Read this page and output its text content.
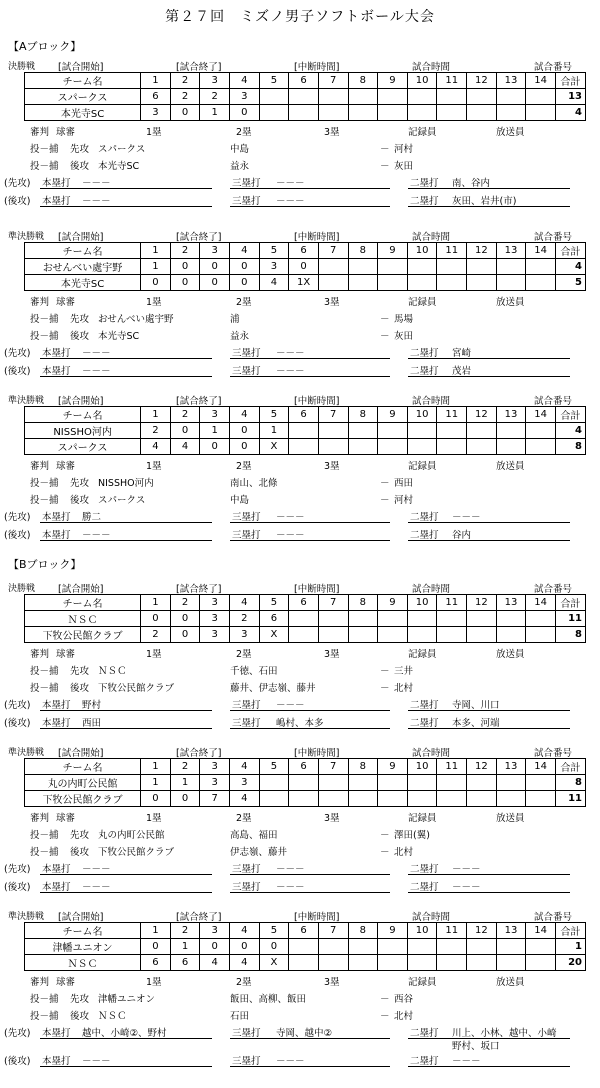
第２７回　ミズノ男子ソフトボール大会
【Aブロック】
決勝戦 [試合開始]	[試合終了]	[中断時間]	試合時間	試合番号
チーム名	1	2	3	4	5	6	7	8	9	10	11	12	13	14	合計
スパークス	6	2	2	3											13
本光寺SC	3	0	1	0											4
審判 球審	1塁	2塁	3塁	記録員	放送員
投－捕 先攻 スパークス	中島	－ 河村
投－捕 後攻 本光寺SC	益永	－ 灰田
(先攻) 本塁打 －－－	三塁打 －－－	二塁打 南、谷内
(後攻) 本塁打 －－－	三塁打 －－－	二塁打 灰田、岩井(市)
準決勝戦 [試合開始]	[試合終了]	[中断時間]	試合時間	試合番号
チーム名	1	2	3	4	5	6	7	8	9	10	11	12	13	14	合計
おせんべい處宇野	1	0	0	0	3	0									4
本光寺SC	0	0	0	0	4	1X									5
審判 球審	1塁	2塁	3塁	記録員	放送員
投－捕 先攻 おせんべい處宇野	浦	－ 馬場
投－捕 後攻 本光寺SC	益永	－ 灰田
(先攻) 本塁打 －－－	三塁打 －－－	二塁打 宮崎
(後攻) 本塁打 －－－	三塁打 －－－	二塁打 茂岩
準決勝戦 [試合開始]	[試合終了]	[中断時間]	試合時間	試合番号
チーム名	1	2	3	4	5	6	7	8	9	10	11	12	13	14	合計
NISSHO河内	2	0	1	0	1										4
スパークス	4	4	0	0	X										8
審判 球審	1塁	2塁	3塁	記録員	放送員
投－捕 先攻 NISSHO河内	南山、北條	－ 西田
投－捕 後攻 スパークス	中島	－ 河村
(先攻) 本塁打 勝二	三塁打 －－－	二塁打 －－－
(後攻) 本塁打 －－－	三塁打 －－－	二塁打 谷内
【Bブロック】
決勝戦 [試合開始]	[試合終了]	[中断時間]	試合時間	試合番号
チーム名	1	2	3	4	5	6	7	8	9	10	11	12	13	14	合計
ＮＳＣ	0	0	3	2	6										11
下牧公民館クラブ	2	0	3	3	X										8
審判 球審	1塁	2塁	3塁	記録員	放送員
投－捕 先攻 ＮＳＣ	千徳、石田	－ 三井
投－捕 後攻 下牧公民館クラブ	藤井、伊志嶺、藤井	－ 北村
(先攻) 本塁打 野村	三塁打 －－－	二塁打 寺岡、川口
(後攻) 本塁打 西田	三塁打 嶋村、本多	二塁打 本多、河端
準決勝戦 [試合開始]	[試合終了]	[中断時間]	試合時間	試合番号
チーム名	1	2	3	4	5	6	7	8	9	10	11	12	13	14	合計
丸の内町公民館	1	1	3	3											8
下牧公民館クラブ	0	0	7	4											11
審判 球審	1塁	2塁	3塁	記録員	放送員
投－捕 先攻 丸の内町公民館	高島、福田	－ 澤田(翼)
投－捕 後攻 下牧公民館クラブ	伊志嶺、藤井	－ 北村
(先攻) 本塁打 －－－	三塁打 －－－	二塁打 －－－
(後攻) 本塁打 －－－	三塁打 －－－	二塁打 －－－
準決勝戦 [試合開始]	[試合終了]	[中断時間]	試合時間	試合番号
チーム名	1	2	3	4	5	6	7	8	9	10	11	12	13	14	合計
津幡ユニオン	0	1	0	0	0										1
ＮＳＣ	6	6	4	4	X										20
審判 球審	1塁	2塁	3塁	記録員	放送員
投－捕 先攻 津幡ユニオン	飯田、高柳、飯田	－ 西谷
投－捕 後攻 ＮＳＣ	石田	－ 北村
(先攻) 本塁打 越中、小崎②、野村	三塁打 寺岡、越中②	二塁打 川上、小林、越中、小崎
野村、坂口
(後攻) 本塁打 －－－	三塁打 －－－	二塁打 －－－
